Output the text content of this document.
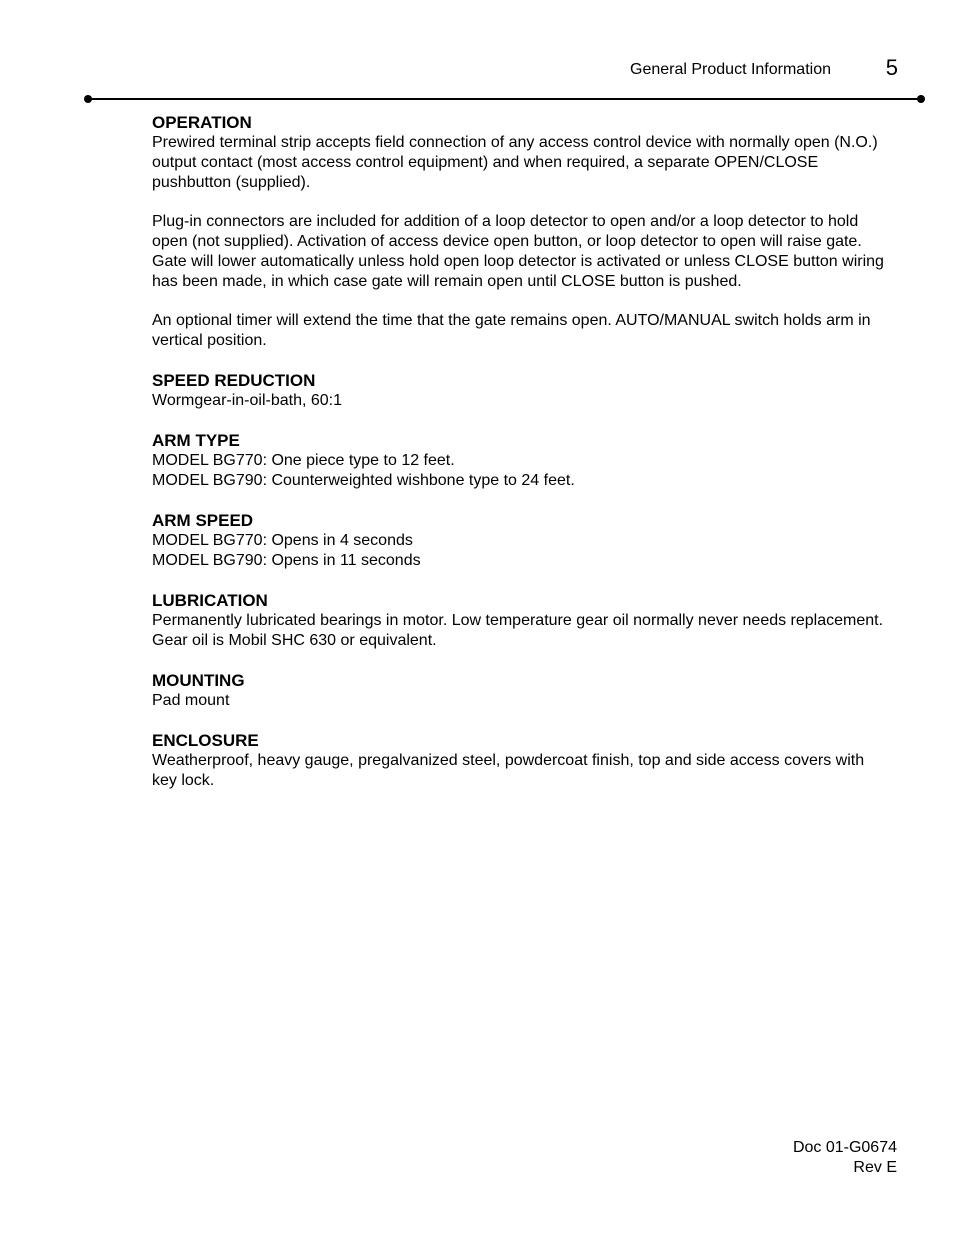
General Product Information 5

OPERATION

Prewired terminal strip accepts field connection of any access control device with normally open (N.O.) output contact (most access control equipment) and when required, a separate OPEN/CLOSE pushbutton (supplied).

Plug-in connectors are included for addition of a loop detector to open and/or a loop detector to hold open (not supplied). Activation of access device open button, or loop detector to open will raise gate. Gate will lower automatically unless hold open loop detector is activated or unless CLOSE button wiring has been made, in which case gate will remain open until CLOSE button is pushed.

An optional timer will extend the time that the gate remains open. AUTO/MANUAL switch holds arm in vertical position.

SPEED REDUCTION

Wormgear-in-oil-bath, 60:1

ARM TYPE

MODEL BG770: One piece type to 12 feet.

MODEL BG790: Counterweighted wishbone type to 24 feet.

ARM SPEED

MODEL BG770: Opens in 4 seconds

MODEL BG790: Opens in 11 seconds

LUBRICATION

Permanently lubricated bearings in motor. Low temperature gear oil normally never needs replacement. Gear oil is Mobil SHC 630 or equivalent.

MOUNTING

Pad mount

ENCLOSURE

Weatherproof, heavy gauge, pregalvanized steel, powdercoat finish, top and side access covers with key lock.

Doc 01-G0674
Rev E
